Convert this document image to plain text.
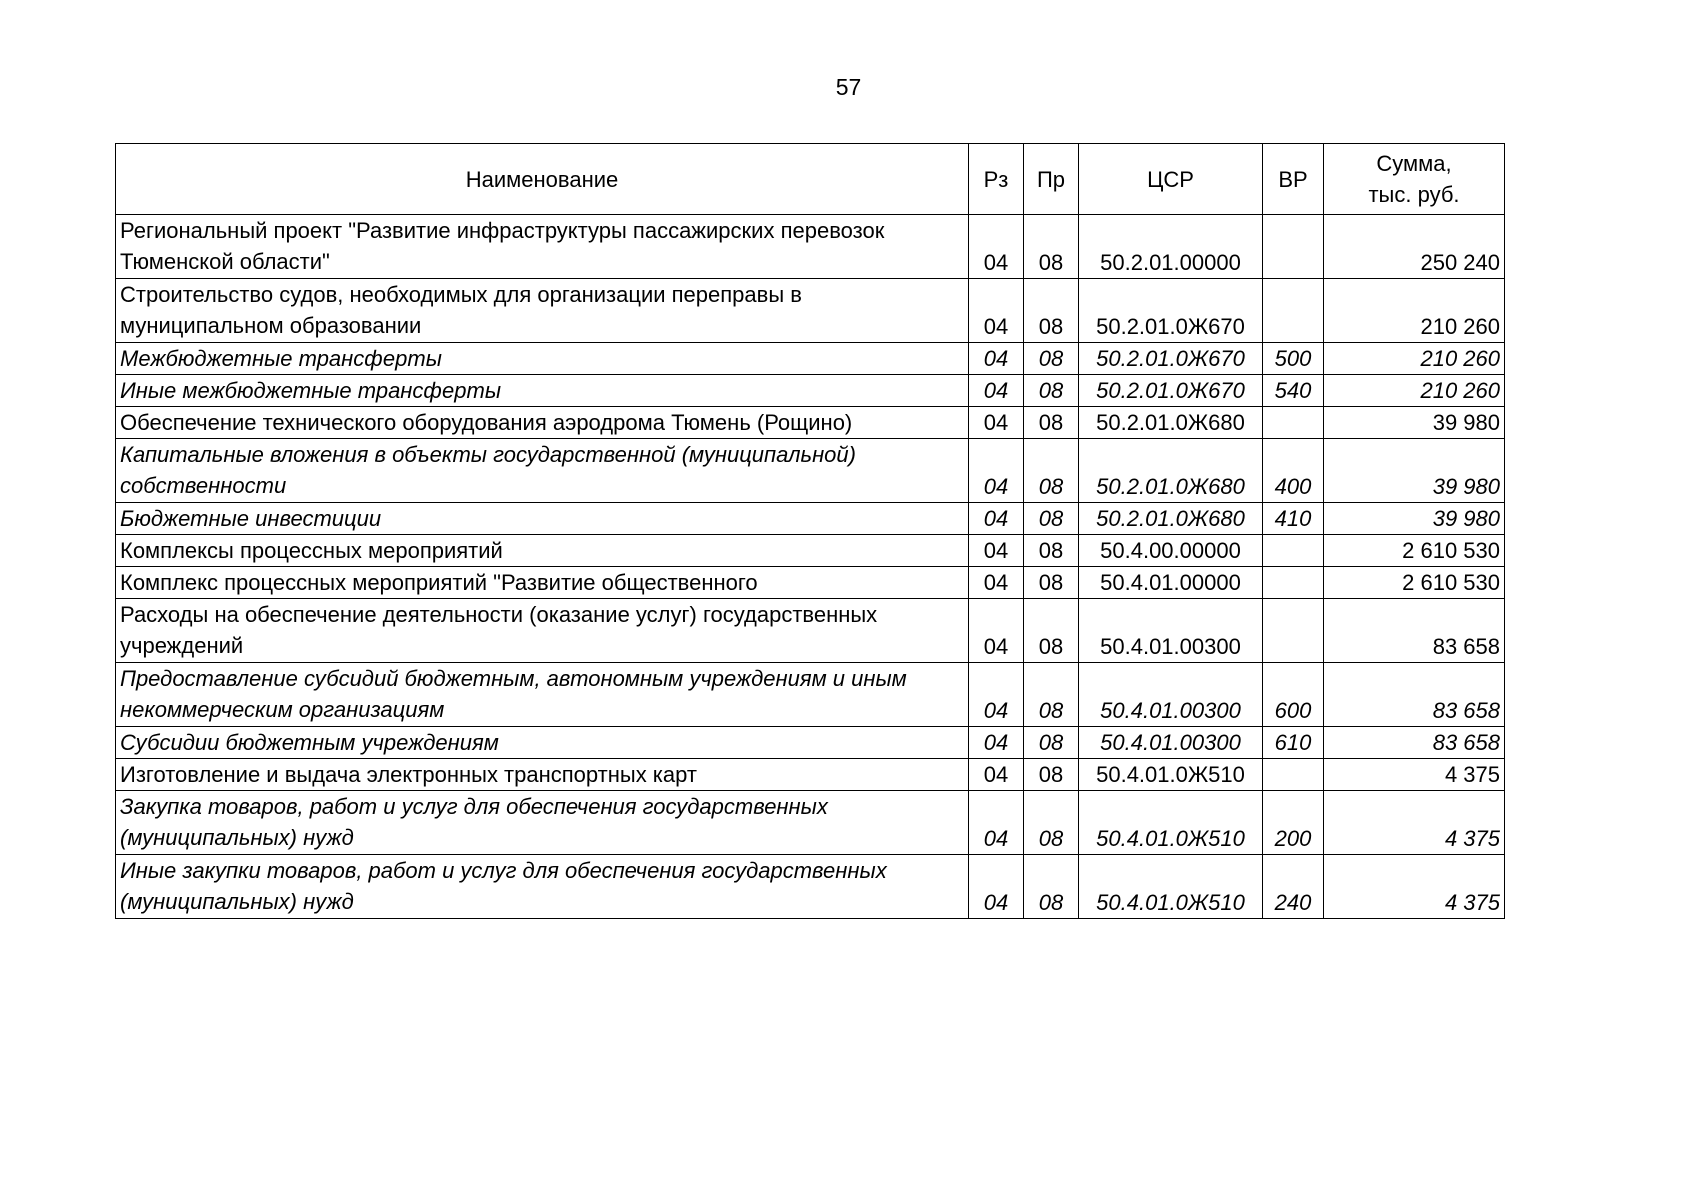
57
Наименование	Рз	Пр	ЦСР	ВР	Сумма,
тыс. руб.
Региональный проект "Развитие инфраструктуры пассажирских перевозок Тюменской области"	04	08	50.2.01.00000		250 240
Строительство судов, необходимых для организации переправы в муниципальном образовании	04	08	50.2.01.0Ж670		210 260
Межбюджетные трансферты	04	08	50.2.01.0Ж670	500	210 260
Иные межбюджетные трансферты	04	08	50.2.01.0Ж670	540	210 260
Обеспечение технического оборудования аэродрома Тюмень (Рощино)	04	08	50.2.01.0Ж680		39 980
Капитальные вложения в объекты государственной (муниципальной) собственности	04	08	50.2.01.0Ж680	400	39 980
Бюджетные инвестиции	04	08	50.2.01.0Ж680	410	39 980
Комплексы процессных мероприятий	04	08	50.4.00.00000		2 610 530
Комплекс процессных мероприятий "Развитие общественного	04	08	50.4.01.00000		2 610 530
Расходы на обеспечение деятельности (оказание услуг) государственных учреждений	04	08	50.4.01.00300		83 658
Предоставление субсидий бюджетным, автономным учреждениям и иным некоммерческим организациям	04	08	50.4.01.00300	600	83 658
Субсидии бюджетным учреждениям	04	08	50.4.01.00300	610	83 658
Изготовление и выдача электронных транспортных карт	04	08	50.4.01.0Ж510		4 375
Закупка товаров, работ и услуг для обеспечения государственных (муниципальных) нужд	04	08	50.4.01.0Ж510	200	4 375
Иные закупки товаров, работ и услуг для обеспечения государственных (муниципальных) нужд	04	08	50.4.01.0Ж510	240	4 375
